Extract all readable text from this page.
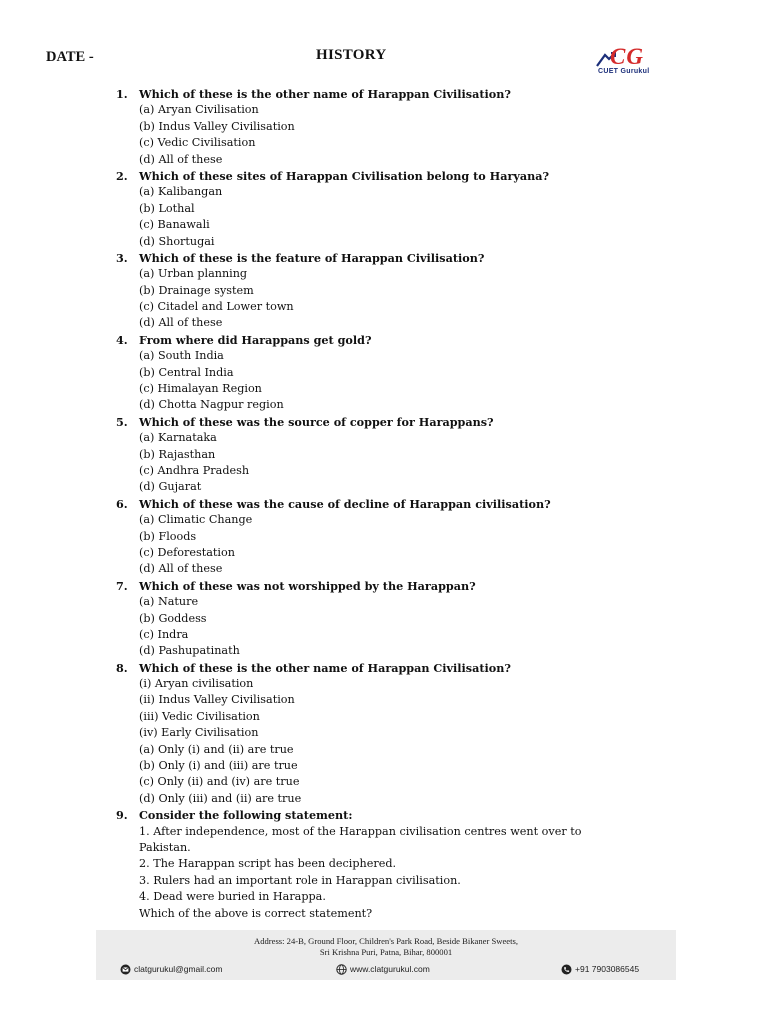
DATE -	HISTORY	CG
CUET Gurukul
1. Which of these is the other name of Harappan Civilisation?
(a) Aryan Civilisation
(b) Indus Valley Civilisation
(c) Vedic Civilisation
(d) All of these
2. Which of these sites of Harappan Civilisation belong to Haryana?
(a) Kalibangan
(b) Lothal
(c) Banawali
(d) Shortugai
3. Which of these is the feature of Harappan Civilisation?
(a) Urban planning
(b) Drainage system
(c) Citadel and Lower town
(d) All of these
4. From where did Harappans get gold?
(a) South India
(b) Central India
(c) Himalayan Region
(d) Chotta Nagpur region
5. Which of these was the source of copper for Harappans?
(a) Karnataka
(b) Rajasthan
(c) Andhra Pradesh
(d) Gujarat
6. Which of these was the cause of decline of Harappan civilisation?
(a) Climatic Change
(b) Floods
(c) Deforestation
(d) All of these
7. Which of these was not worshipped by the Harappan?
(a) Nature
(b) Goddess
(c) Indra
(d) Pashupatinath
8. Which of these is the other name of Harappan Civilisation?
(i) Aryan civilisation
(ii) Indus Valley Civilisation
(iii) Vedic Civilisation
(iv) Early Civilisation
(a) Only (i) and (ii) are true
(b) Only (i) and (iii) are true
(c) Only (ii) and (iv) are true
(d) Only (iii) and (ii) are true
9. Consider the following statement:
1. After independence, most of the Harappan civilisation centres went over to
Pakistan.
2. The Harappan script has been deciphered.
3. Rulers had an important role in Harappan civilisation.
4. Dead were buried in Harappa.
Which of the above is correct statement?
Address: 24-B, Ground Floor, Children's Park Road, Beside Bikaner Sweets,
Sri Krishna Puri, Patna, Bihar, 800001
clatgurukul@gmail.com	www.clatgurukul.com	+91 7903086545
